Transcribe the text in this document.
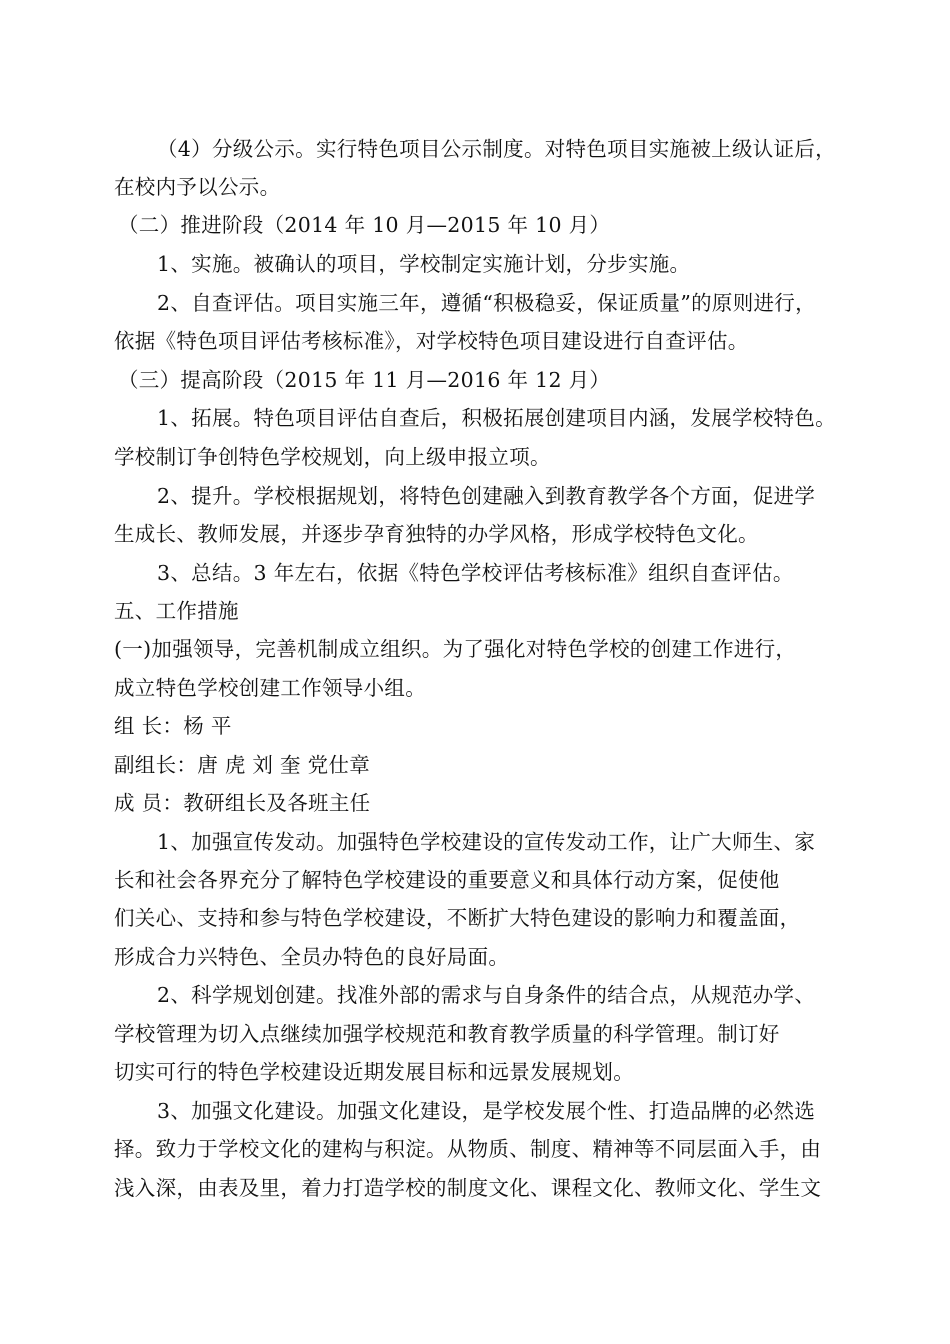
（4）分级公示。实行特色项目公示制度。对特色项目实施被上级认证后，
在校内予以公示。
（二）推进阶段（2014 年 10 月—2015 年 10 月）
1、实施。被确认的项目，学校制定实施计划，分步实施。
2、自查评估。项目实施三年，遵循“积极稳妥，保证质量”的原则进行，
依据《特色项目评估考核标准》，对学校特色项目建设进行自查评估。
（三）提高阶段（2015 年 11 月—2016 年 12 月）
1、拓展。特色项目评估自查后，积极拓展创建项目内涵，发展学校特色。
学校制订争创特色学校规划，向上级申报立项。
2、提升。学校根据规划，将特色创建融入到教育教学各个方面，促进学
生成长、教师发展，并逐步孕育独特的办学风格，形成学校特色文化。
3、总结。3 年左右，依据《特色学校评估考核标准》组织自查评估。
五、工作措施
(一)加强领导，完善机制成立组织。为了强化对特色学校的创建工作进行，
成立特色学校创建工作领导小组。
组 长：杨 平
副组长：唐 虎 刘 奎 党仕章
成 员：教研组长及各班主任
1、加强宣传发动。加强特色学校建设的宣传发动工作，让广大师生、家
长和社会各界充分了解特色学校建设的重要意义和具体行动方案，促使他
们关心、支持和参与特色学校建设，不断扩大特色建设的影响力和覆盖面，
形成合力兴特色、全员办特色的良好局面。
2、科学规划创建。找准外部的需求与自身条件的结合点，从规范办学、
学校管理为切入点继续加强学校规范和教育教学质量的科学管理。制订好
切实可行的特色学校建设近期发展目标和远景发展规划。
3、加强文化建设。加强文化建设，是学校发展个性、打造品牌的必然选
择。致力于学校文化的建构与积淀。从物质、制度、精神等不同层面入手，由
浅入深，由表及里，着力打造学校的制度文化、课程文化、教师文化、学生文
